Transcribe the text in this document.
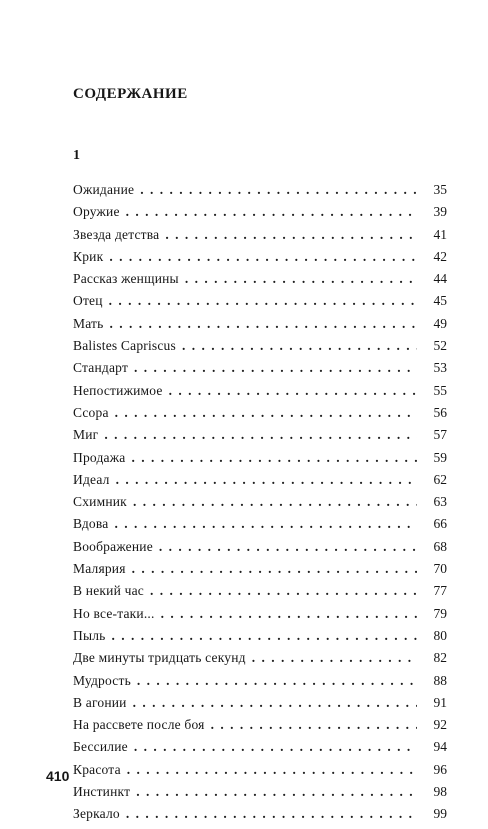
СОДЕРЖАНИЕ
1
Ожидание . . .	35
Оружие . . .	39
Звезда детства . . .	41
Крик . . .	42
Рассказ женщины . . .	44
Отец . . .	45
Мать . . .	49
Balistes Capriscus . . .	52
Стандарт . . .	53
Непостижимое . . .	55
Ссора . . .	56
Миг . . .	57
Продажа . . .	59
Идеал . . .	62
Схимник . . .	63
Вдова . . .	66
Воображение . . .	68
Малярия . . .	70
В некий час . . .	77
Но все-таки... . . .	79
Пыль . . .	80
Две минуты тридцать секунд . . .	82
Мудрость . . .	88
В агонии . . .	91
На рассвете после боя . . .	92
Бессилие . . .	94
Красота . . .	96
Инстинкт . . .	98
Зеркало . . .	99
410
